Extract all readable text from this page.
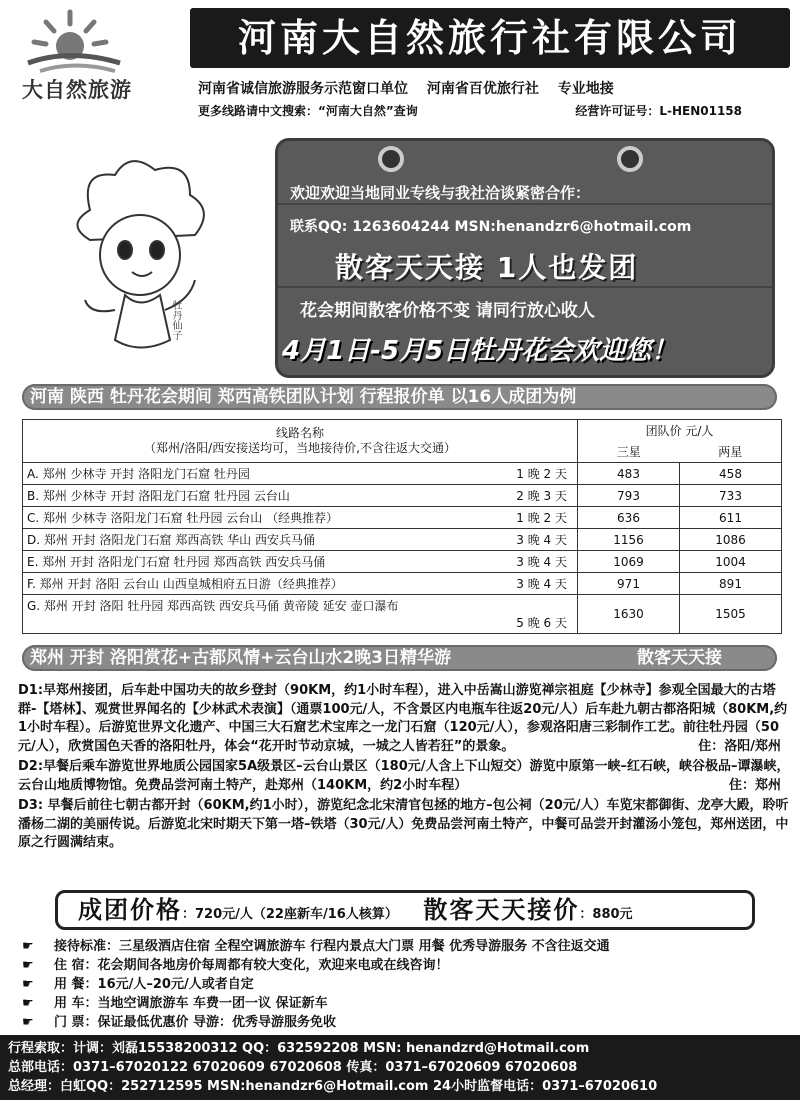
大自然旅游
河南大自然旅行社有限公司
河南省诚信旅游服务示范窗口单位 河南省百优旅行社 专业地接
更多线路请中文搜索：“河南大自然”查询	经营许可证号：L-HEN01158
牡丹仙子
欢迎欢迎当地同业专线与我社洽谈紧密合作：
联系QQ: 1263604244 MSN:henandzr6@hotmail.com
散客天天接 1人也发团
花会期间散客价格不变 请同行放心收人
4月1日-5月5日牡丹花会欢迎您！
河南 陕西 牡丹花会期间 郑西高铁团队计划 行程报价单 以16人成团为例
线路名称
（郑州/洛阳/西安接送均可，当地接待价,不含往返大交通）	团队价 元/人	
	三星	两星
A. 郑州 少林寺 开封 洛阳龙门石窟 牡丹园 1 晚 2 天	483	458
B. 郑州 少林寺 开封 洛阳龙门石窟 牡丹园 云台山 2 晚 3 天	793	733
C. 郑州 少林寺 洛阳龙门石窟 牡丹园 云台山 （经典推荐） 1 晚 2 天	636	611
D. 郑州 开封 洛阳龙门石窟 郑西高铁 华山 西安兵马俑 3 晚 4 天	1156	1086
E. 郑州 开封 洛阳龙门石窟 牡丹园 郑西高铁 西安兵马俑 3 晚 4 天	1069	1004
F. 郑州 开封 洛阳 云台山 山西皇城相府五日游（经典推荐） 3 晚 4 天	971	891

G. 郑州 开封 洛阳 牡丹园 郑西高铁 西安兵马俑 黄帝陵 延安 壶口瀑布
5 晚 6 天	1630	1505
郑州 开封 洛阳赏花+古都风情+云台山水2晚3日精华游	散客天天接

D1:早郑州接团，后车赴中国功夫的故乡登封（90KM，约1小时车程），进入中岳嵩山游览禅宗祖庭【少林寺】参观全国最大的古塔群-【塔林】、观赏世界闻名的【少林武术表演】（通票100元/人，不含景区内电瓶车往返20元/人）后车赴九朝古都洛阳城（80KM,约1小时车程）。后游览世界文化遗产、中国三大石窟艺术宝库之一龙门石窟（120元/人），参观洛阳唐三彩制作工艺。前往牡丹园（50元/人），欣赏国色天香的洛阳牡丹，体会“花开时节动京城，一城之人皆若狂”的景象。	住：洛阳/郑州

D2:早餐后乘车游览世界地质公园国家5A级景区–云台山景区（180元/人含上下山短交）游览中原第一峡–红石峡，峡谷极品–谭瀑峡，云台山地质博物馆。免费品尝河南土特产，赴郑州（140KM，约2小时车程）	住：郑州

D3: 早餐后前往七朝古都开封（60KM,约1小时），游览纪念北宋清官包拯的地方–包公祠（20元/人）车览宋都御街、龙亭大殿，聆听潘杨二湖的美丽传说。后游览北宋时期天下第一塔–铁塔（30元/人）免费品尝河南土特产，中餐可品尝开封灌汤小笼包，郑州送团，中原之行圆满结束。

成团价格：720元/人（22座新车/16人核算） 散客天天接价：880元
☛	接待标准： 三星级酒店住宿 全程空调旅游车 行程内景点大门票 用餐 优秀导游服务 不含往返交通
☛	住 宿： 花会期间各地房价每周都有较大变化，欢迎来电或在线咨询！
☛	用 餐： 16元/人–20元/人或者自定
☛	用 车： 当地空调旅游车 车费一团一议 保证新车
☛	门 票： 保证最低优惠价 导游：优秀导游服务免收
行程索取：计调：刘磊15538200312 QQ：632592208 MSN: henandzrd@Hotmail.com
总部电话：0371–67020122 67020609 67020608 传真：0371–67020609 67020608
总经理：白虹QQ：252712595 MSN:henandzr6@Hotmail.com 24小时监督电话：0371–67020610
